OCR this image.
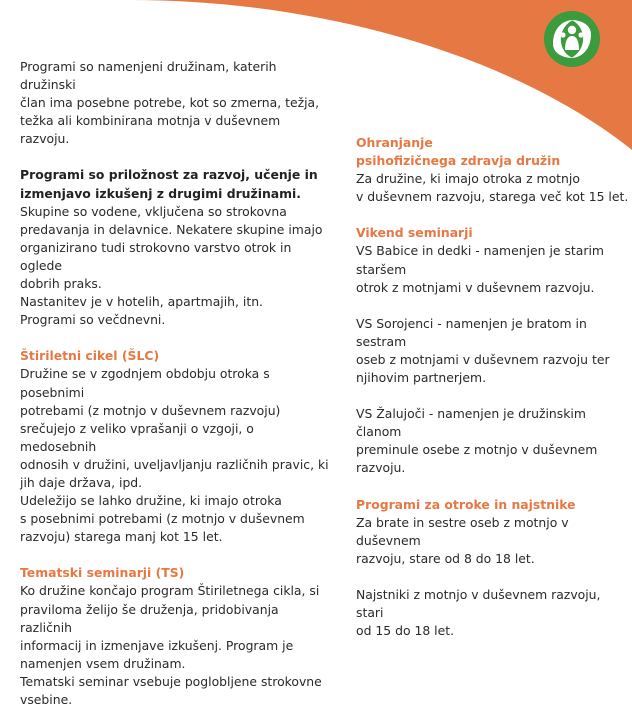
Programi so namenjeni družinam, katerih družinski
član ima posebne potrebe, kot so zmerna, težja,
težka ali kombinirana motnja v duševnem razvoju.

Programi so priložnost za razvoj, učenje in
izmenjavo izkušenj z drugimi družinami.

Skupine so vodene, vključena so strokovna
predavanja in delavnice. Nekatere skupine imajo
organizirano tudi strokovno varstvo otrok in oglede
dobrih praks.
Nastanitev je v hotelih, apartmajih, itn.
Programi so večdnevni.

Štiriletni cikel (ŠLC)

Družine se v zgodnjem obdobju otroka s posebnimi
potrebami (z motnjo v duševnem razvoju)
srečujejo z veliko vprašanji o vzgoji, o medosebnih
odnosih v družini, uveljavljanju različnih pravic, ki
jih daje država, ipd.
Udeležijo se lahko družine, ki imajo otroka
s posebnimi potrebami (z motnjo v duševnem
razvoju) starega manj kot 15 let.

Tematski seminarji (TS)

Ko družine končajo program Štiriletnega cikla, si
praviloma želijo še druženja, pridobivanja različnih
informacij in izmenjave izkušenj. Program je
namenjen vsem družinam.
Tematski seminar vsebuje poglobljene strokovne
vsebine.

Ohranjanje
psihofizičnega zdravja družin

Za družine, ki imajo otroka z motnjo
v duševnem razvoju, starega več kot 15 let.

Vikend seminarji

VS Babice in dedki - namenjen je starim staršem
otrok z motnjami v duševnem razvoju.

VS Sorojenci - namenjen je bratom in sestram
oseb z motnjami v duševnem razvoju ter
njihovim partnerjem.

VS Žalujoči - namenjen je družinskim članom
preminule osebe z motnjo v duševnem razvoju.

Programi za otroke in najstnike

Za brate in sestre oseb z motnjo v duševnem
razvoju, stare od 8 do 18 let.

Najstniki z motnjo v duševnem razvoju, stari
od 15 do 18 let.
